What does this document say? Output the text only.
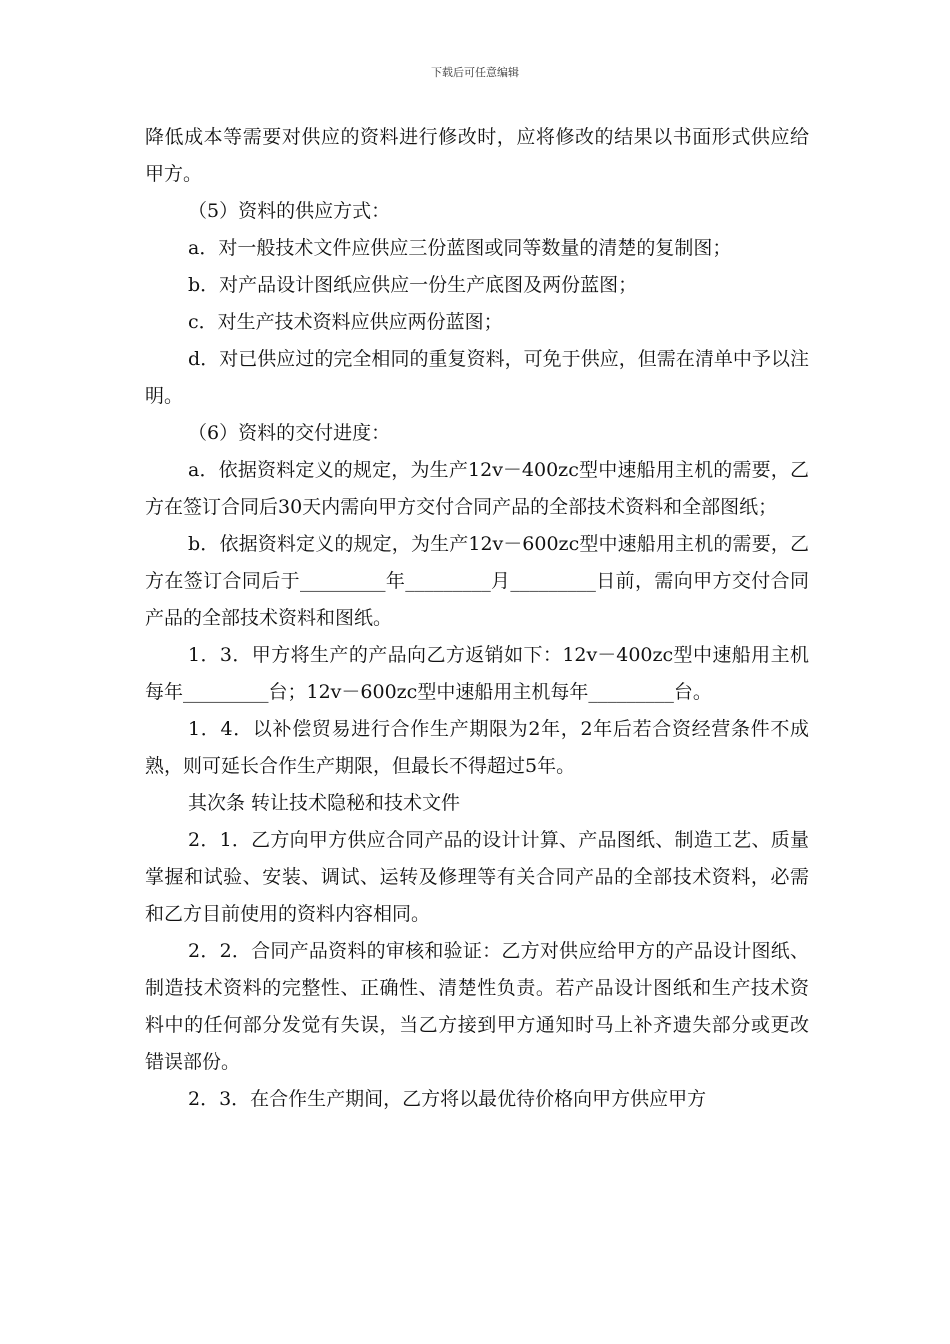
下载后可任意编辑

降低成本等需要对供应的资料进行修改时，应将修改的结果以书面形式供应给甲方。

（5）资料的供应方式：

a．对一般技术文件应供应三份蓝图或同等数量的清楚的复制图；

b．对产品设计图纸应供应一份生产底图及两份蓝图；

c．对生产技术资料应供应两份蓝图；

d．对已供应过的完全相同的重复资料，可免于供应，但需在清单中予以注明。

（6）资料的交付进度：

a．依据资料定义的规定，为生产12v－400zc型中速船用主机的需要，乙方在签订合同后30天内需向甲方交付合同产品的全部技术资料和全部图纸；

b．依据资料定义的规定，为生产12v－600zc型中速船用主机的需要，乙方在签订合同后于_________年_________月_________日前，需向甲方交付合同产品的全部技术资料和图纸。

1．3．甲方将生产的产品向乙方返销如下：12v－400zc型中速船用主机每年_________台；12v－600zc型中速船用主机每年_________台。

1．4．以补偿贸易进行合作生产期限为2年，2年后若合资经营条件不成熟，则可延长合作生产期限，但最长不得超过5年。

其次条 转让技术隐秘和技术文件

2．1．乙方向甲方供应合同产品的设计计算、产品图纸、制造工艺、质量掌握和试验、安装、调试、运转及修理等有关合同产品的全部技术资料，必需和乙方目前使用的资料内容相同。

2．2．合同产品资料的审核和验证：乙方对供应给甲方的产品设计图纸、制造技术资料的完整性、正确性、清楚性负责。若产品设计图纸和生产技术资料中的任何部分发觉有失误，当乙方接到甲方通知时马上补齐遗失部分或更改错误部份。

2．3．在合作生产期间，乙方将以最优待价格向甲方供应甲方
